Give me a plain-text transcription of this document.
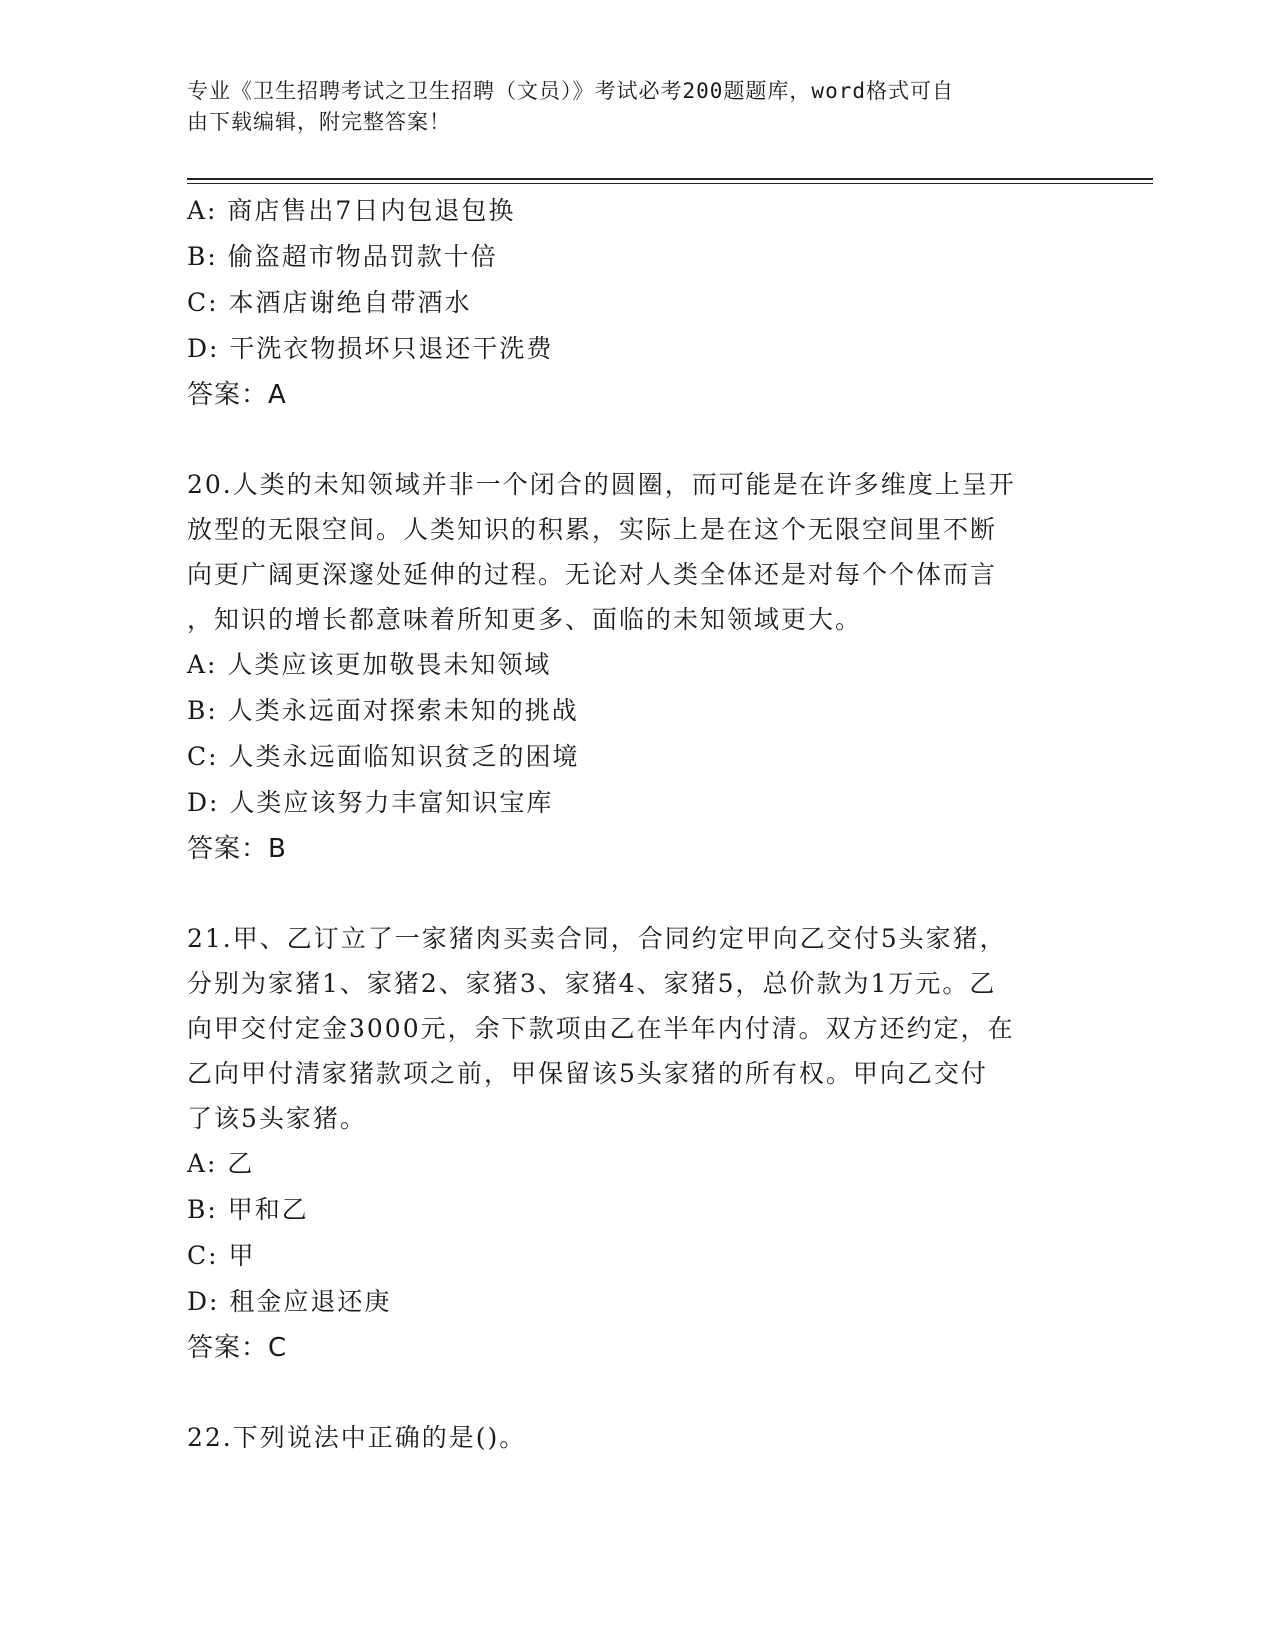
专业《卫生招聘考试之卫生招聘（文员）》考试必考200题题库，word格式可自
由下载编辑，附完整答案！
A: 商店售出7日内包退包换
B: 偷盗超市物品罚款十倍
C: 本酒店谢绝自带酒水
D: 干洗衣物损坏只退还干洗费
答案：A
20.人类的未知领域并非一个闭合的圆圈，而可能是在许多维度上呈开
放型的无限空间。人类知识的积累，实际上是在这个无限空间里不断
向更广阔更深邃处延伸的过程。无论对人类全体还是对每个个体而言
，知识的增长都意味着所知更多、面临的未知领域更大。
A: 人类应该更加敬畏未知领域
B: 人类永远面对探索未知的挑战
C: 人类永远面临知识贫乏的困境
D: 人类应该努力丰富知识宝库
答案：B
21.甲、乙订立了一家猪肉买卖合同，合同约定甲向乙交付5头家猪，
分别为家猪1、家猪2、家猪3、家猪4、家猪5，总价款为1万元。乙
向甲交付定金3000元，余下款项由乙在半年内付清。双方还约定，在
乙向甲付清家猪款项之前，甲保留该5头家猪的所有权。甲向乙交付
了该5头家猪。
A: 乙
B: 甲和乙
C: 甲
D: 租金应退还庚
答案：C
22.下列说法中正确的是()。
